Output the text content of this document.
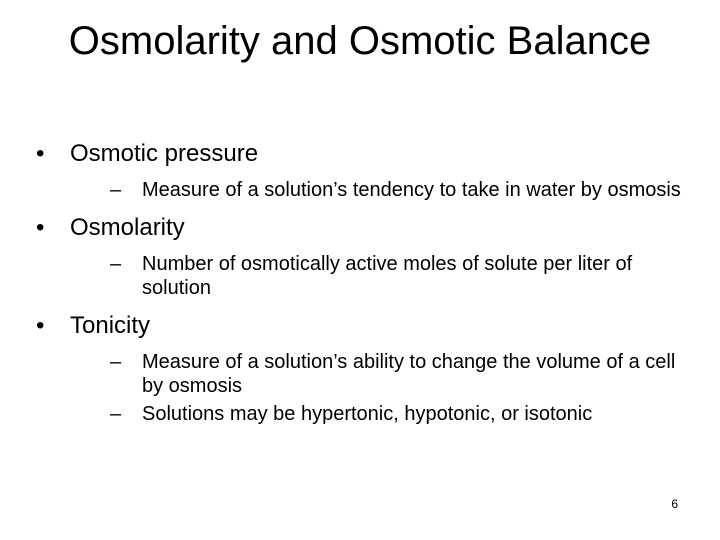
Osmolarity and Osmotic Balance
Osmotic pressure
–
Measure of a solution’s tendency to take in water by osmosis
Osmolarity
–
Number of osmotically active moles of solute per liter of solution
Tonicity
–
Measure of a solution’s ability to change the volume of a cell by osmosis
–
Solutions may be hypertonic, hypotonic, or isotonic
6
